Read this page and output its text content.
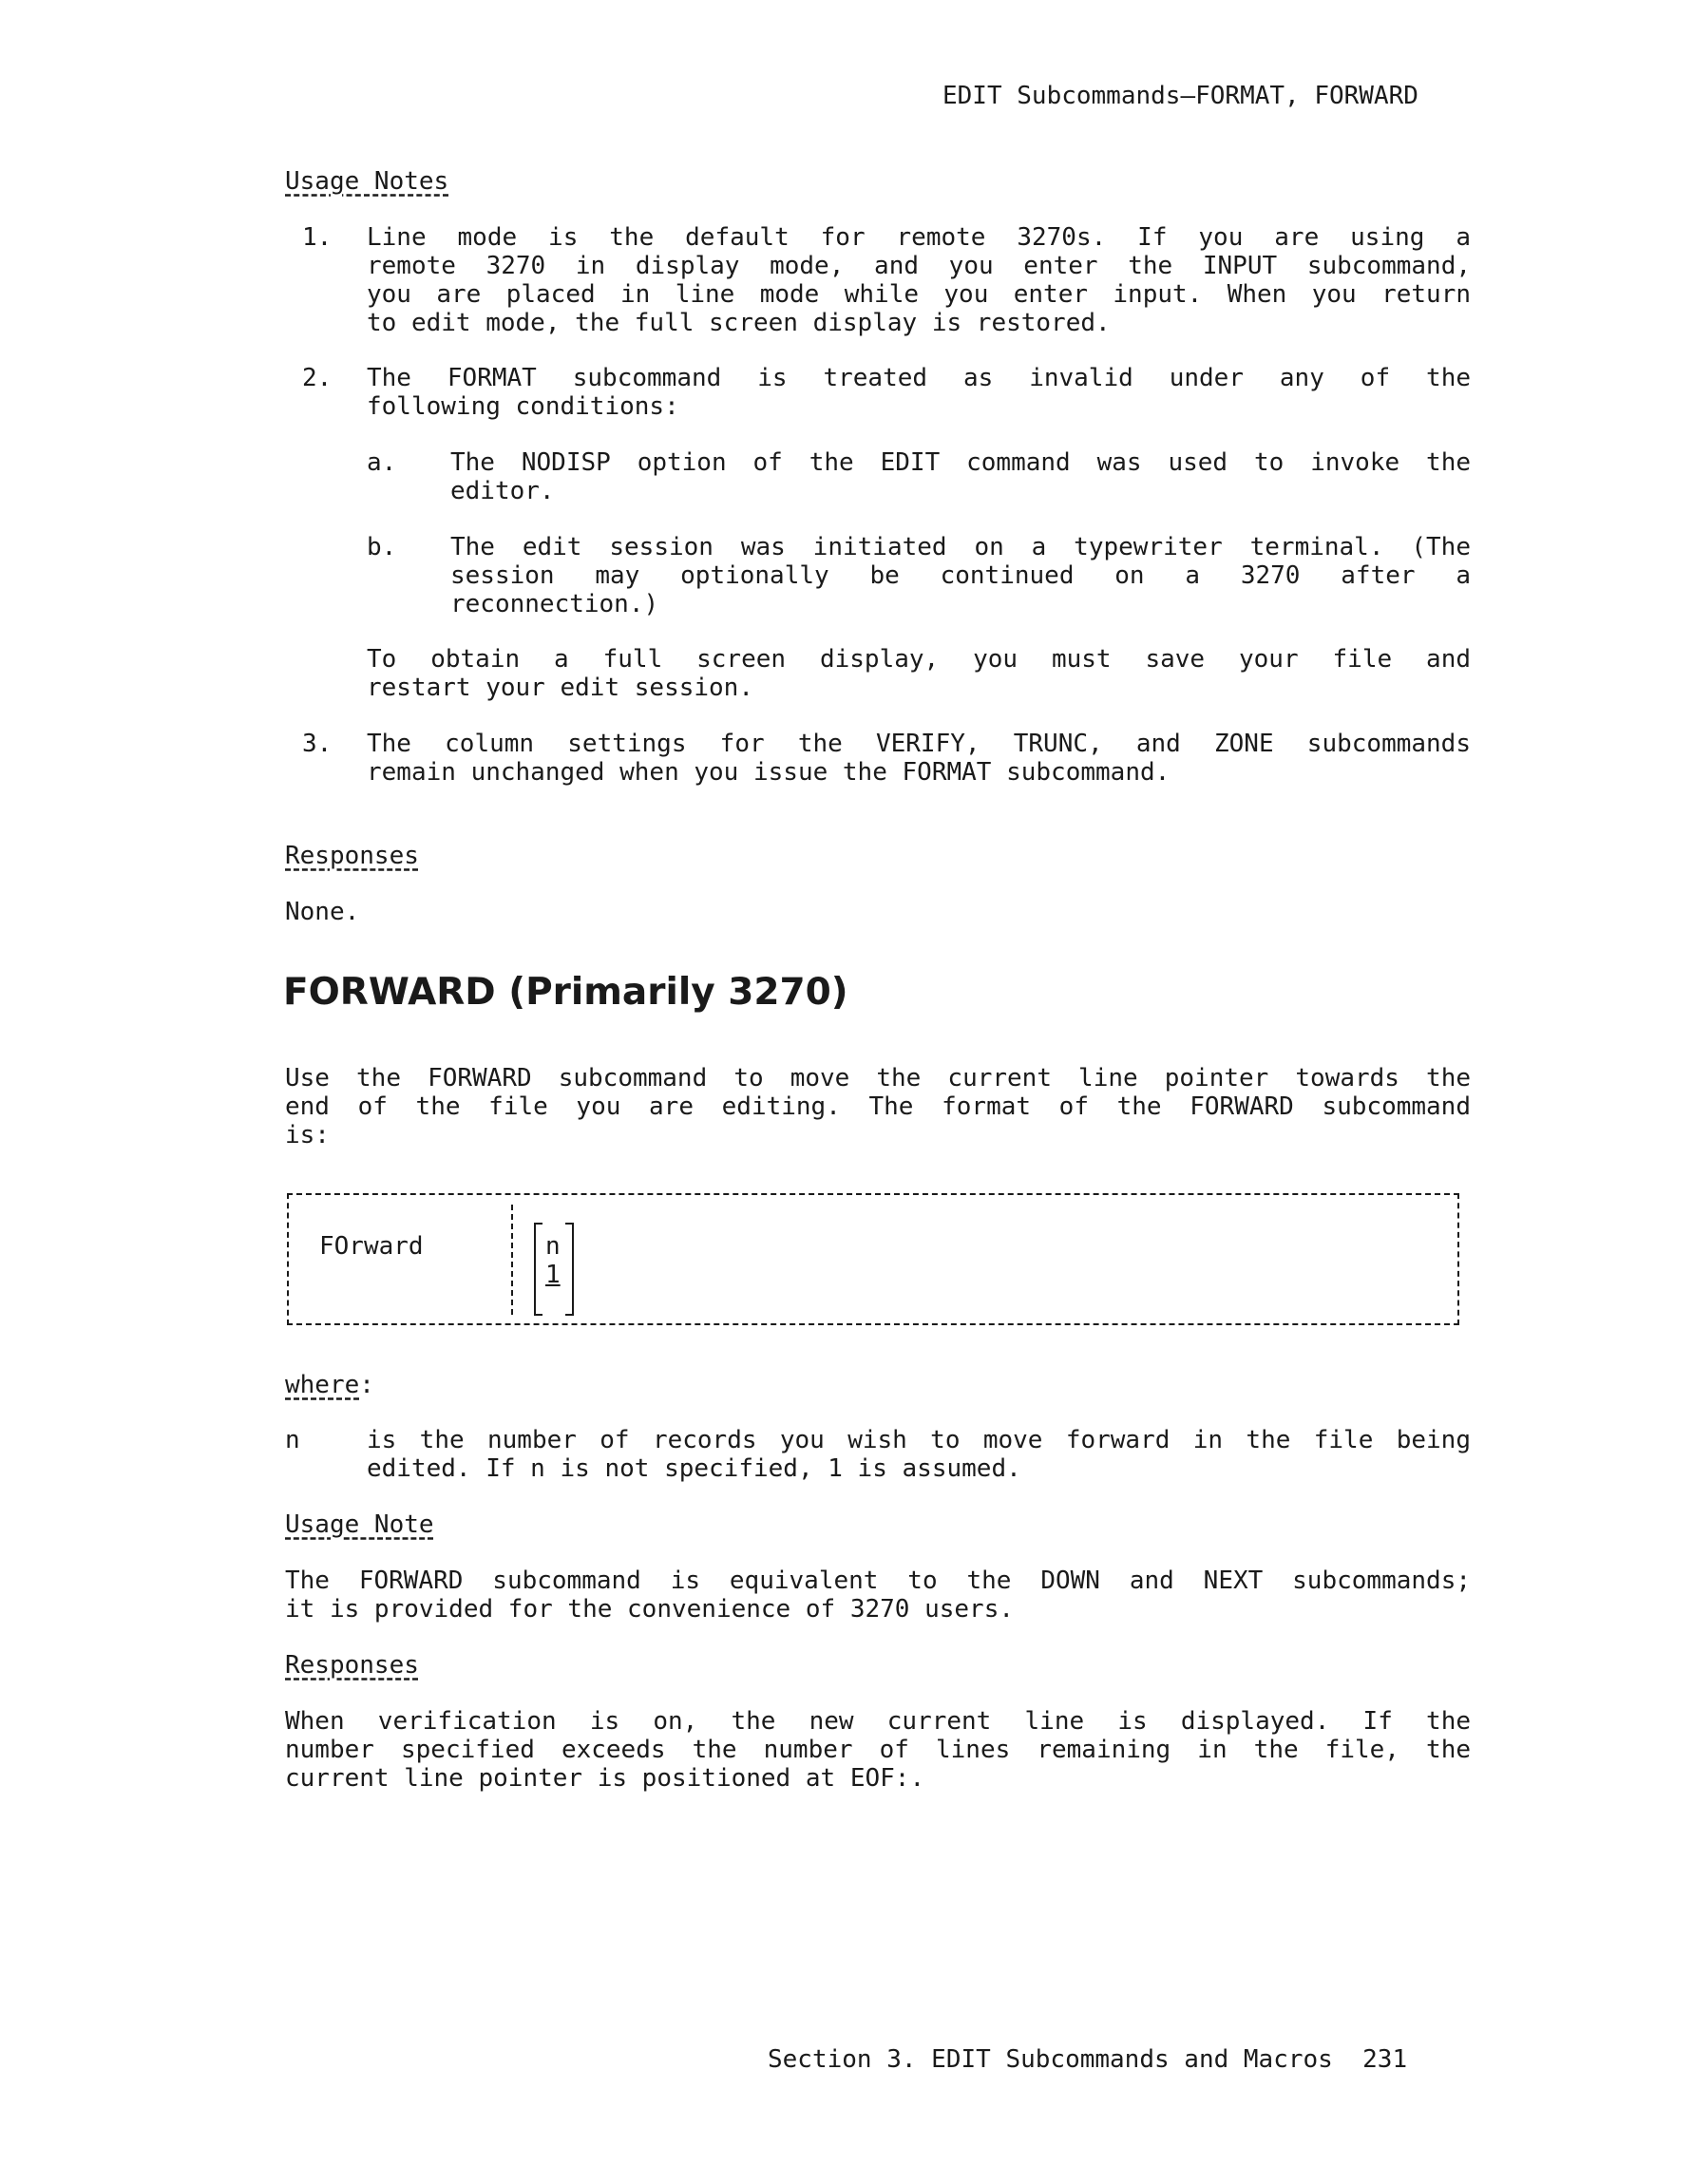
EDIT Subcommands—FORMAT, FORWARD

Usage Notes

1. Line mode is the default for remote 3270s. If you are using a

remote 3270 in display mode, and you enter the INPUT subcommand,

you are placed in line mode while you enter input. When you return

to edit mode, the full screen display is restored.

2. The FORMAT subcommand is treated as invalid under any of the

following conditions:

a. The NODISP option of the EDIT command was used to invoke the

editor.

b. The edit session was initiated on a typewriter terminal. (The

session may optionally be continued on a 3270 after a

reconnection.)

To obtain a full screen display, you must save your file and

restart your edit session.

3. The column settings for the VERIFY, TRUNC, and ZONE subcommands

remain unchanged when you issue the FORMAT subcommand.

Responses

None.

FORWARD (Primarily 3270)

Use the FORWARD subcommand to move the current line pointer towards the

end of the file you are editing. The format of the FORWARD subcommand

is:

FOrward	n
1

where:

n	is the number of records you wish to move forward in the file being

edited. If n is not specified, 1 is assumed.

Usage Note

The FORWARD subcommand is equivalent to the DOWN and NEXT subcommands;

it is provided for the convenience of 3270 users.

Responses

When verification is on, the new current line is displayed. If the

number specified exceeds the number of lines remaining in the file, the

current line pointer is positioned at EOF:.

Section 3. EDIT Subcommands and Macros 231
